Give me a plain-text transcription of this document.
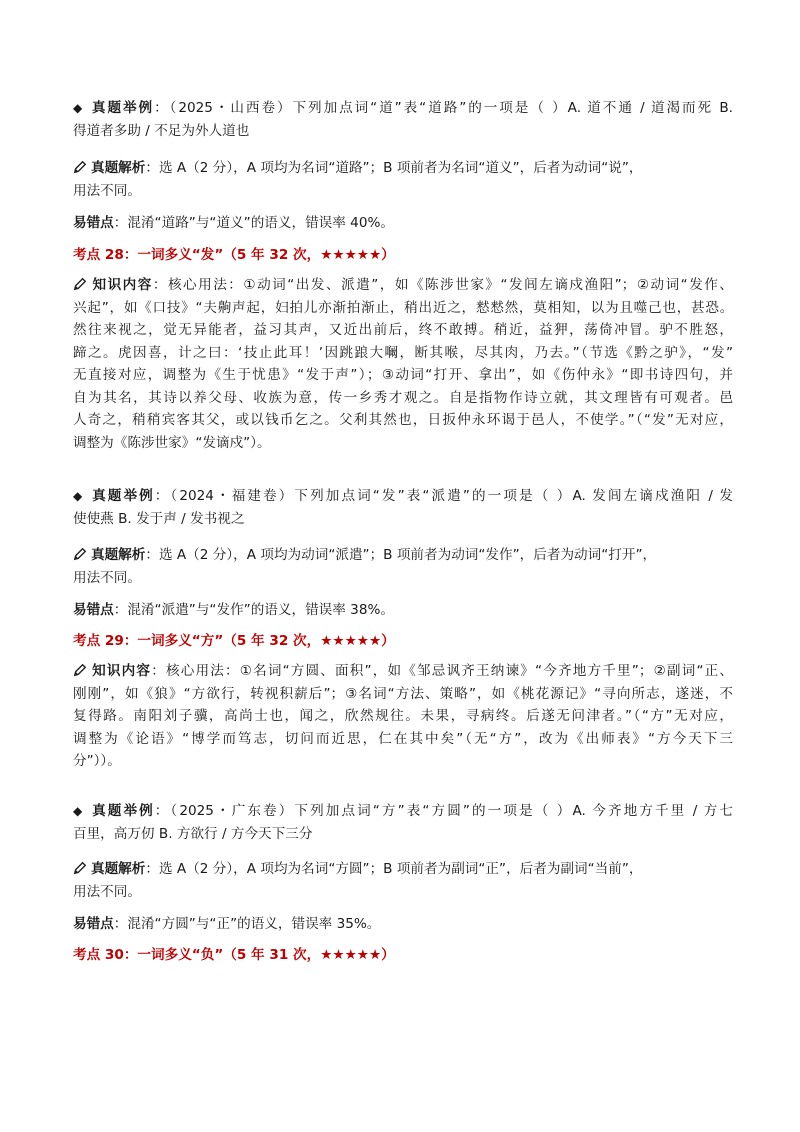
◆ 真题举例：（2025・山西卷）下列加点词“道”表“道路”的一项是（ ）A. 道不通 / 道渴而死 B.
得道者多助 / 不足为外人道也
真题解析：选 A（2 分），A 项均为名词“道路”；B 项前者为名词“道义”，后者为动词“说”，
用法不同。
易错点：混淆“道路”与“道义”的语义，错误率 40%。
考点 28：一词多义“发”（5 年 32 次，★★★★★）
知识内容：核心用法：①动词“出发、派遣”，如《陈涉世家》“发闾左谪戍渔阳”；②动词“发作、
兴起”，如《口技》“夫齁声起，妇拍儿亦渐拍渐止，稍出近之，慭慭然，莫相知，以为且噬己也，甚恐。
然往来视之，觉无异能者，益习其声，又近出前后，终不敢搏。稍近，益狎，荡倚冲冒。驴不胜怒，
蹄之。虎因喜，计之曰：‘技止此耳！’因跳踉大㘎，断其喉，尽其肉，乃去。”（节选《黔之驴》，“发”
无直接对应，调整为《生于忧患》“发于声”）；③动词“打开、拿出”，如《伤仲永》“即书诗四句，并
自为其名，其诗以养父母、收族为意，传一乡秀才观之。自是指物作诗立就，其文理皆有可观者。邑
人奇之，稍稍宾客其父，或以钱币乞之。父利其然也，日扳仲永环谒于邑人，不使学。”（“发”无对应，
调整为《陈涉世家》“发谪戍”）。
◆ 真题举例：（2024・福建卷）下列加点词“发”表“派遣”的一项是（ ）A. 发闾左谪戍渔阳 / 发
使使燕 B. 发于声 / 发书视之
真题解析：选 A（2 分），A 项均为动词“派遣”；B 项前者为动词“发作”，后者为动词“打开”，
用法不同。
易错点：混淆“派遣”与“发作”的语义，错误率 38%。
考点 29：一词多义“方”（5 年 32 次，★★★★★）
知识内容：核心用法：①名词“方圆、面积”，如《邹忌讽齐王纳谏》“今齐地方千里”；②副词“正、
刚刚”，如《狼》“方欲行，转视积薪后”；③名词“方法、策略”，如《桃花源记》“寻向所志，遂迷，不
复得路。南阳刘子骥，高尚士也，闻之，欣然规往。未果，寻病终。后遂无问津者。”（“方”无对应，
调整为《论语》“博学而笃志，切问而近思，仁在其中矣”（无“方”，改为《出师表》“方今天下三
分”））。
◆ 真题举例：（2025・广东卷）下列加点词“方”表“方圆”的一项是（ ）A. 今齐地方千里 / 方七
百里，高万仞 B. 方欲行 / 方今天下三分
真题解析：选 A（2 分），A 项均为名词“方圆”；B 项前者为副词“正”，后者为副词“当前”，
用法不同。
易错点：混淆“方圆”与“正”的语义，错误率 35%。
考点 30：一词多义“负”（5 年 31 次，★★★★★）
